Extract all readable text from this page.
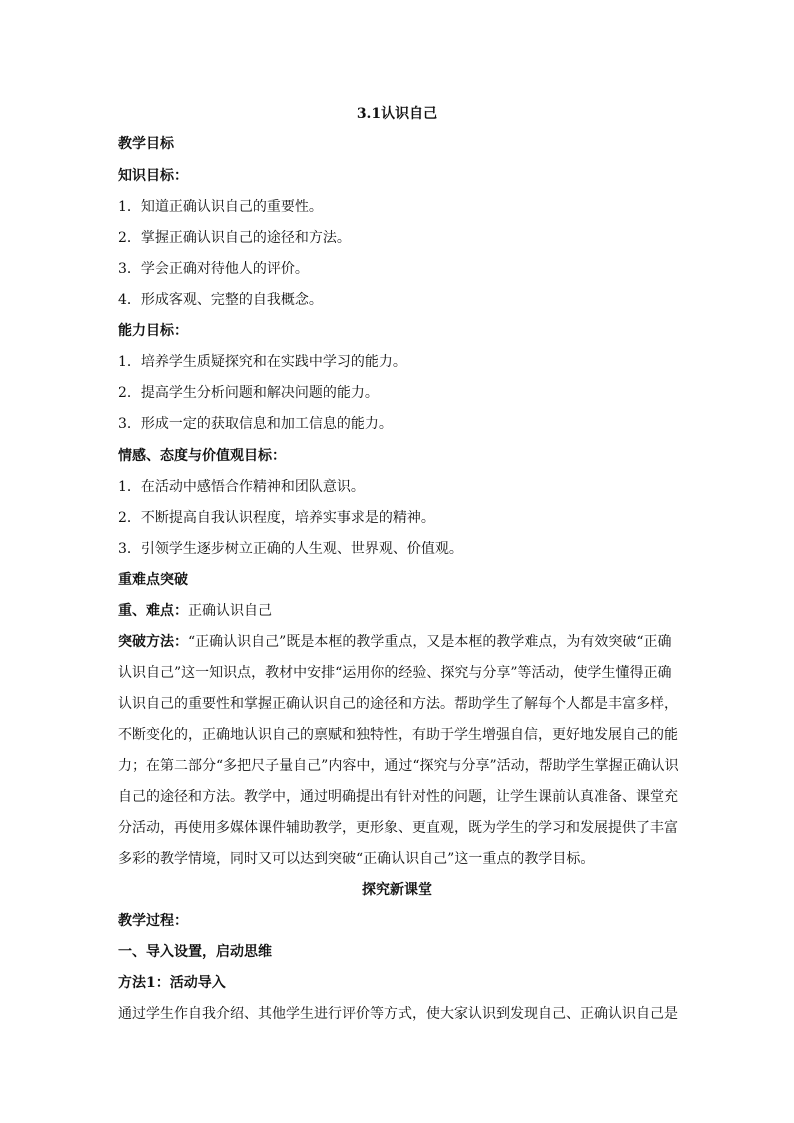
3.1认识自己
教学目标
知识目标：
1．知道正确认识自己的重要性。
2．掌握正确认识自己的途径和方法。
3．学会正确对待他人的评价。
4．形成客观、完整的自我概念。
能力目标：
1．培养学生质疑探究和在实践中学习的能力。
2．提高学生分析问题和解决问题的能力。
3．形成一定的获取信息和加工信息的能力。
情感、态度与价值观目标：
1．在活动中感悟合作精神和团队意识。
2．不断提高自我认识程度，培养实事求是的精神。
3．引领学生逐步树立正确的人生观、世界观、价值观。
重难点突破
重、难点：正确认识自己
突破方法：“正确认识自己”既是本框的教学重点，又是本框的教学难点，为有效突破“正确
认识自己”这一知识点，教材中安排“运用你的经验、探究与分享”等活动，使学生懂得正确
认识自己的重要性和掌握正确认识自己的途径和方法。帮助学生了解每个人都是丰富多样，
不断变化的，正确地认识自己的禀赋和独特性，有助于学生增强自信，更好地发展自己的能
力；在第二部分“多把尺子量自己”内容中，通过“探究与分享”活动，帮助学生掌握正确认识
自己的途径和方法。教学中，通过明确提出有针对性的问题，让学生课前认真准备、课堂充
分活动，再使用多媒体课件辅助教学，更形象、更直观，既为学生的学习和发展提供了丰富
多彩的教学情境，同时又可以达到突破“正确认识自己”这一重点的教学目标。
探究新课堂
教学过程：
一、导入设置，启动思维
方法1：活动导入
通过学生作自我介绍、其他学生进行评价等方式，使大家认识到发现自己、正确认识自己是
